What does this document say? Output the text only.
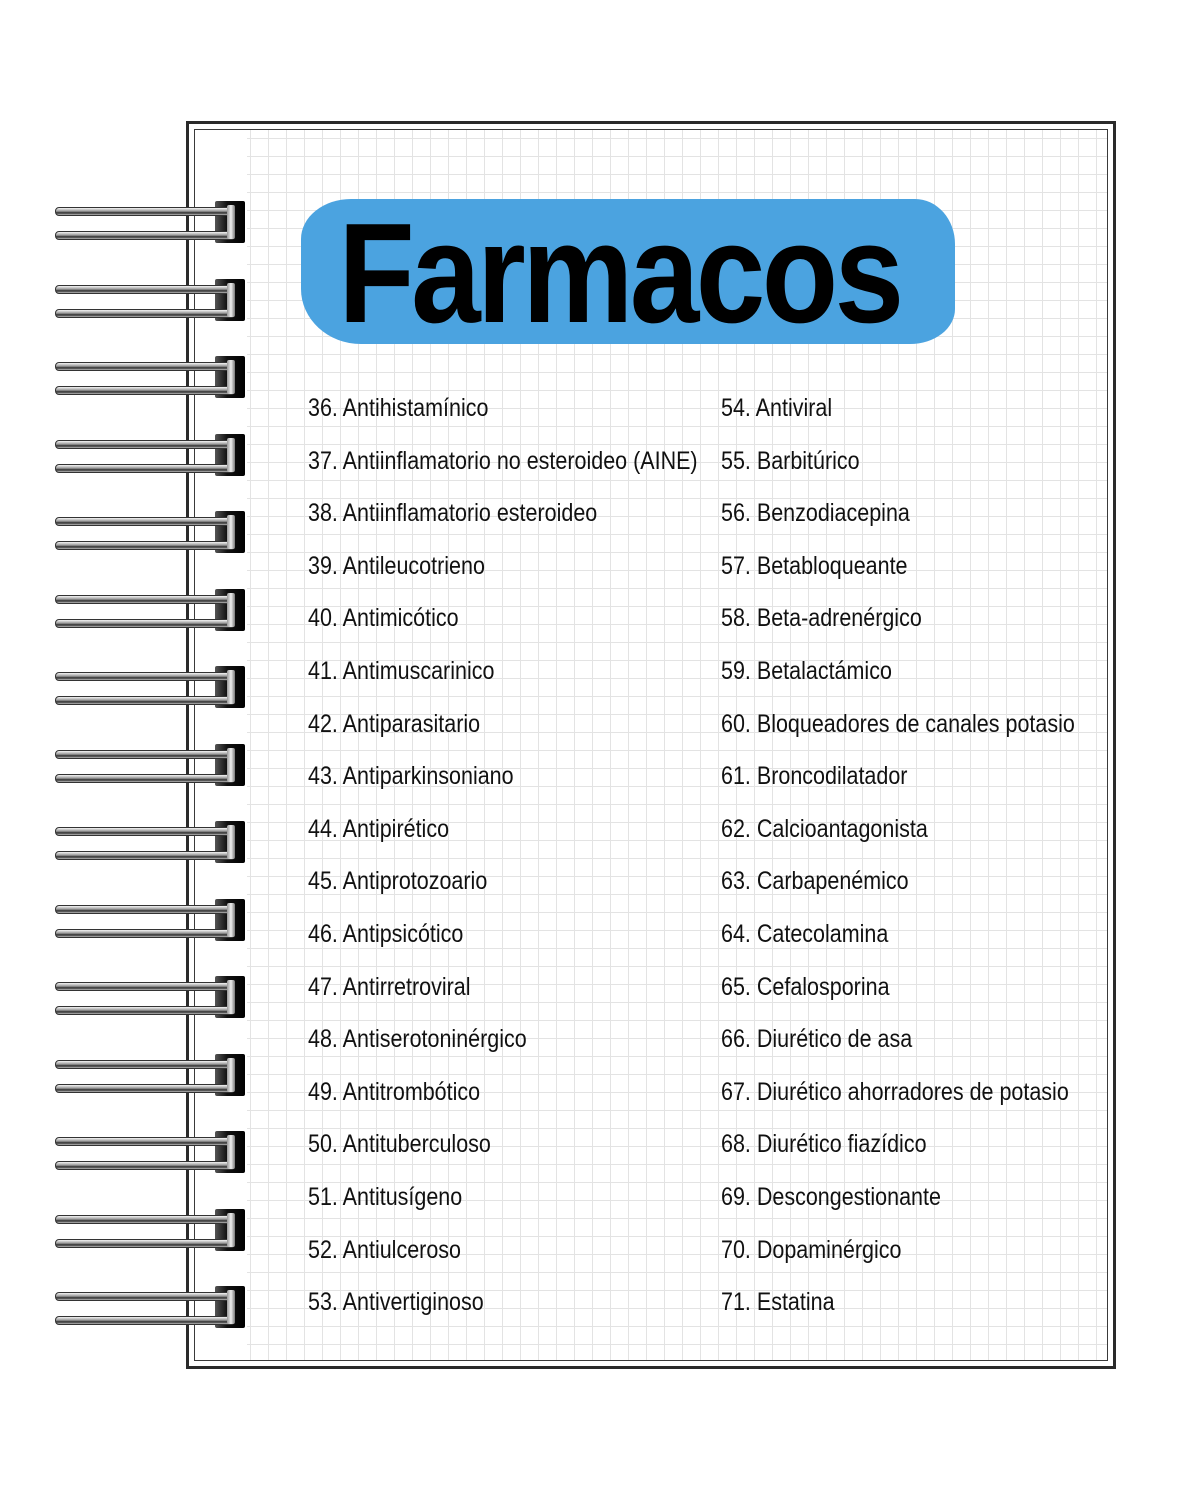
Farmacos
36. Antihistamínico
37. Antiinflamatorio no esteroideo (AINE)
38. Antiinflamatorio esteroideo
39. Antileucotrieno
40. Antimicótico
41. Antimuscarinico
42. Antiparasitario
43. Antiparkinsoniano
44. Antipirético
45. Antiprotozoario
46. Antipsicótico
47. Antirretroviral
48. Antiserotoninérgico
49. Antitrombótico
50. Antituberculoso
51. Antitusígeno
52. Antiulceroso
53. Antivertiginoso
54. Antiviral
55. Barbitúrico
56. Benzodiacepina
57. Betabloqueante
58. Beta-adrenérgico
59. Betalactámico
60. Bloqueadores de canales potasio
61. Broncodilatador
62. Calcioantagonista
63. Carbapenémico
64. Catecolamina
65. Cefalosporina
66. Diurético de asa
67. Diurético ahorradores de potasio
68. Diurético fiazídico
69. Descongestionante
70. Dopaminérgico
71. Estatina
